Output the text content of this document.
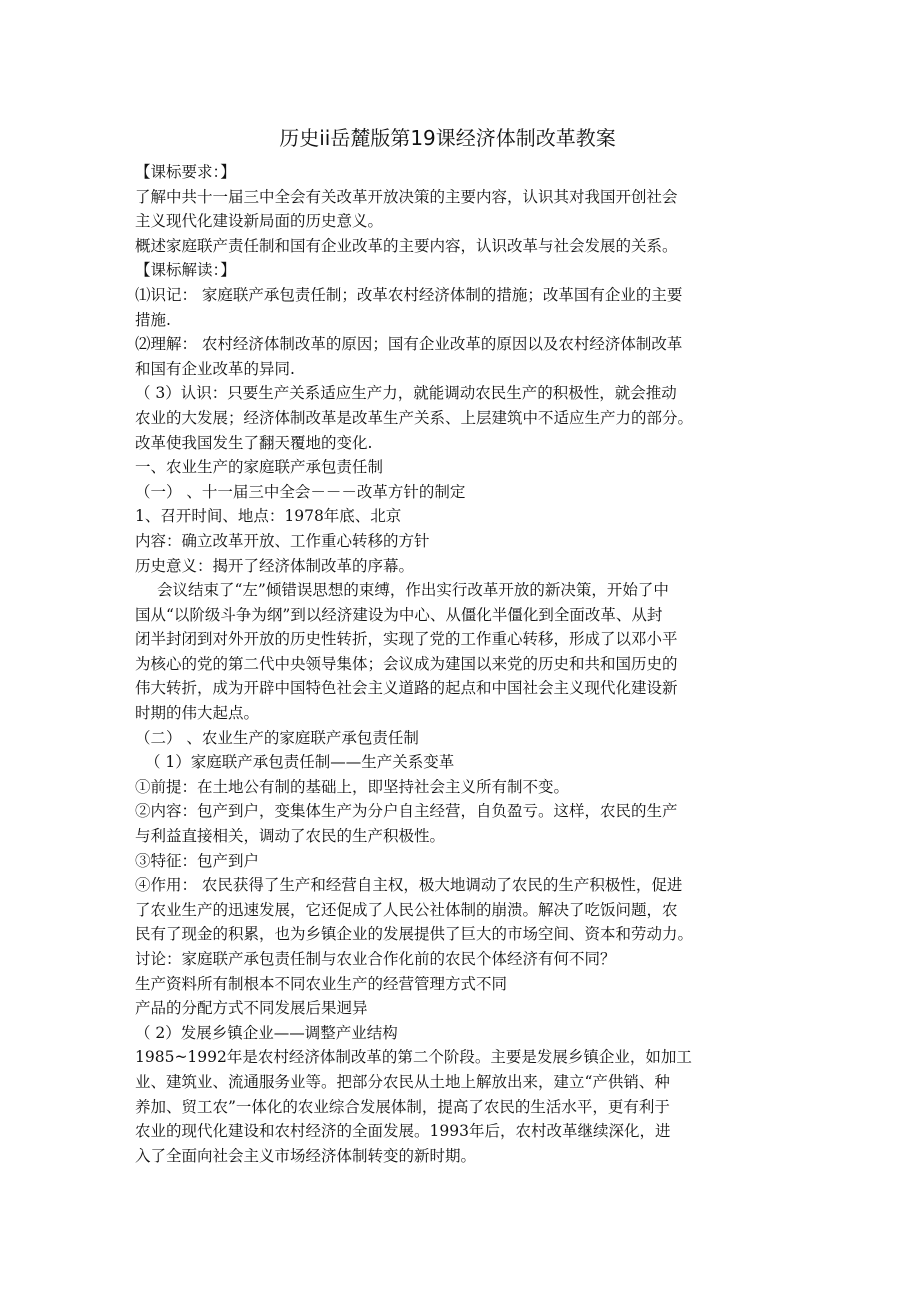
历史ii岳麓版第19课经济体制改革教案
【课标要求：】
了解中共十一届三中全会有关改革开放决策的主要内容，认识其对我国开创社会
主义现代化建设新局面的历史意义。
概述家庭联产责任制和国有企业改革的主要内容，认识改革与社会发展的关系。
【课标解读：】
⑴识记： 家庭联产承包责任制；改革农村经济体制的措施；改革国有企业的主要
措施.
⑵理解： 农村经济体制改革的原因；国有企业改革的原因以及农村经济体制改革
和国有企业改革的异同.
（ 3）认识：只要生产关系适应生产力，就能调动农民生产的积极性，就会推动
农业的大发展；经济体制改革是改革生产关系、上层建筑中不适应生产力的部分。
改革使我国发生了翻天覆地的变化.
一、农业生产的家庭联产承包责任制
（一） 、十一届三中全会－－－改革方针的制定
1、召开时间、地点：1978年底、北京
内容：确立改革开放、工作重心转移的方针
历史意义：揭开了经济体制改革的序幕。
会议结束了“左”倾错误思想的束缚，作出实行改革开放的新决策，开始了中
国从“以阶级斗争为纲”到以经济建设为中心、从僵化半僵化到全面改革、从封
闭半封闭到对外开放的历史性转折，实现了党的工作重心转移，形成了以邓小平
为核心的党的第二代中央领导集体；会议成为建国以来党的历史和共和国历史的
伟大转折，成为开辟中国特色社会主义道路的起点和中国社会主义现代化建设新
时期的伟大起点。
（二） 、农业生产的家庭联产承包责任制
（ 1）家庭联产承包责任制——生产关系变革
①前提：在土地公有制的基础上，即坚持社会主义所有制不变。
②内容：包产到户，变集体生产为分户自主经营，自负盈亏。这样，农民的生产
与利益直接相关，调动了农民的生产积极性。
③特征：包产到户
④作用： 农民获得了生产和经营自主权，极大地调动了农民的生产积极性，促进
了农业生产的迅速发展，它还促成了人民公社体制的崩溃。解决了吃饭问题，农
民有了现金的积累，也为乡镇企业的发展提供了巨大的市场空间、资本和劳动力。
讨论：家庭联产承包责任制与农业合作化前的农民个体经济有何不同？
生产资料所有制根本不同农业生产的经营管理方式不同
产品的分配方式不同发展后果迥异
（ 2）发展乡镇企业——调整产业结构
1985~1992年是农村经济体制改革的第二个阶段。主要是发展乡镇企业，如加工
业、建筑业、流通服务业等。把部分农民从土地上解放出来，建立“产供销、种
养加、贸工农”一体化的农业综合发展体制，提高了农民的生活水平，更有利于
农业的现代化建设和农村经济的全面发展。1993年后，农村改革继续深化，进
入了全面向社会主义市场经济体制转变的新时期。
